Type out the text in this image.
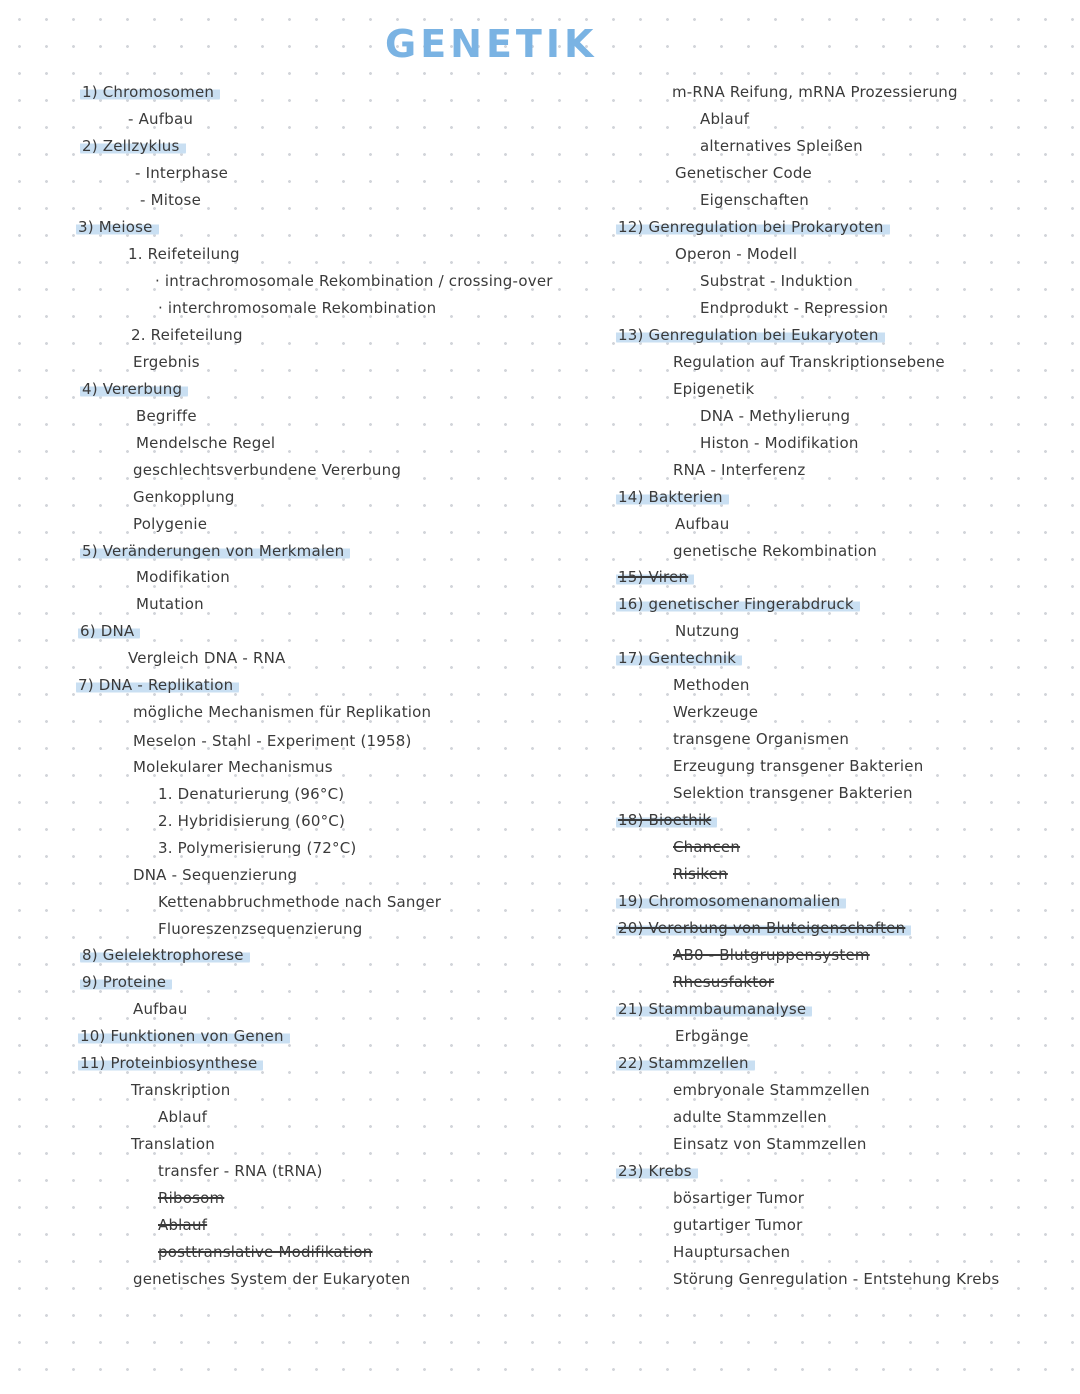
GENETIK
1) Chromosomen
- Aufbau
2) Zellzyklus
- Interphase
- Mitose
3) Meiose
1. Reifeteilung
· intrachromosomale Rekombination / crossing-over
· interchromosomale Rekombination
2. Reifeteilung
Ergebnis
4) Vererbung
Begriffe
Mendelsche Regel
geschlechtsverbundene Vererbung
Genkopplung
Polygenie
5) Veränderungen von Merkmalen
Modifikation
Mutation
6) DNA
Vergleich DNA - RNA
7) DNA - Replikation
mögliche Mechanismen für Replikation
Meselon - Stahl - Experiment (1958)
Molekularer Mechanismus
1. Denaturierung (96°C)
2. Hybridisierung (60°C)
3. Polymerisierung (72°C)
DNA - Sequenzierung
Kettenabbruchmethode nach Sanger
Fluoreszenzsequenzierung
8) Gelelektrophorese
9) Proteine
Aufbau
10) Funktionen von Genen
11) Proteinbiosynthese
Transkription
Ablauf
Translation
transfer - RNA (tRNA)
Ribosom
Ablauf
posttranslative Modifikation
genetisches System der Eukaryoten
m-RNA Reifung, mRNA Prozessierung
Ablauf
alternatives Spleißen
Genetischer Code
Eigenschaften
12) Genregulation bei Prokaryoten
Operon - Modell
Substrat - Induktion
Endprodukt - Repression
13) Genregulation bei Eukaryoten
Regulation auf Transkriptionsebene
Epigenetik
DNA - Methylierung
Histon - Modifikation
RNA - Interferenz
14) Bakterien
Aufbau
genetische Rekombination
15) Viren
16) genetischer Fingerabdruck
Nutzung
17) Gentechnik
Methoden
Werkzeuge
transgene Organismen
Erzeugung transgener Bakterien
Selektion transgener Bakterien
18) Bioethik
Chancen
Risiken
19) Chromosomenanomalien
20) Vererbung von Bluteigenschaften
AB0 - Blutgruppensystem
Rhesusfaktor
21) Stammbaumanalyse
Erbgänge
22) Stammzellen
embryonale Stammzellen
adulte Stammzellen
Einsatz von Stammzellen
23) Krebs
bösartiger Tumor
gutartiger Tumor
Hauptursachen
Störung Genregulation - Entstehung Krebs
